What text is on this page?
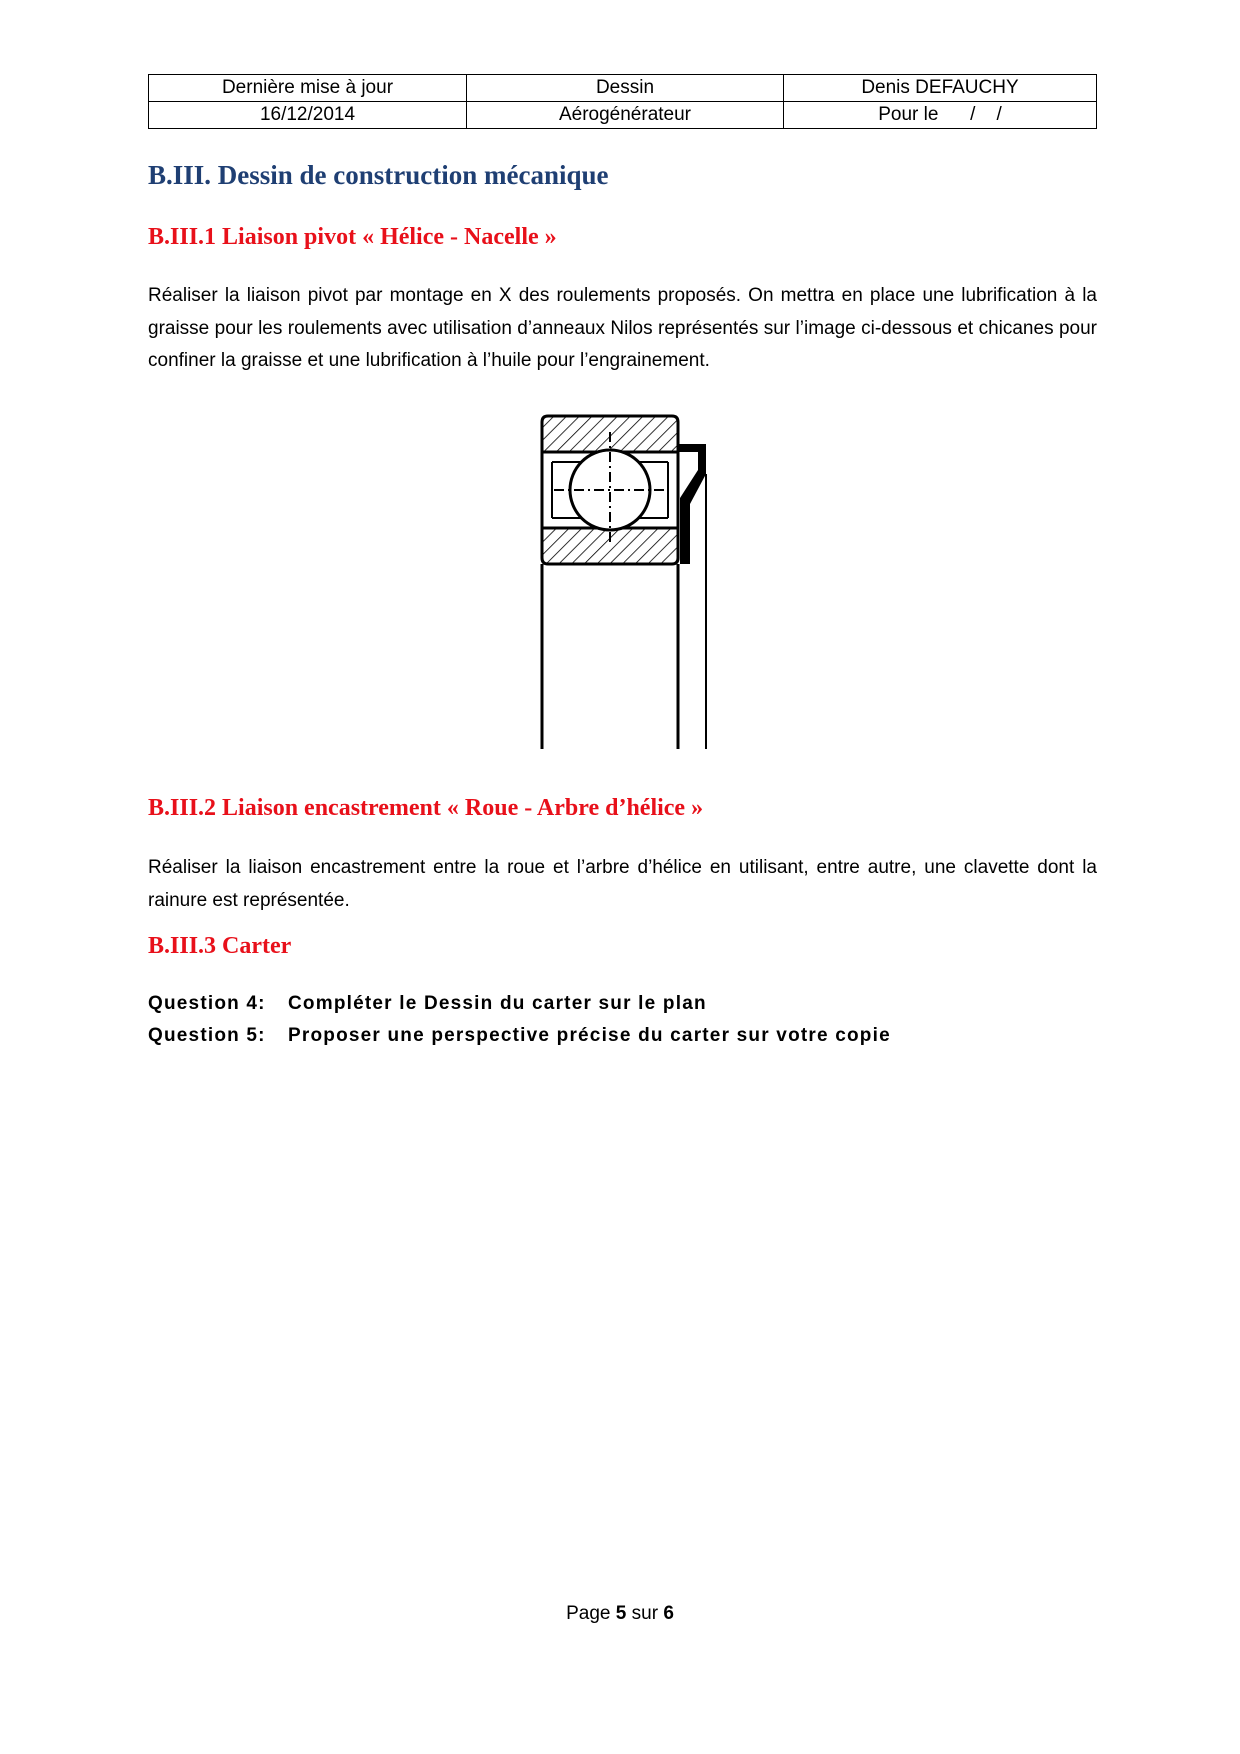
Dernière mise à jour	Dessin	Denis DEFAUCHY
16/12/2014	Aérogénérateur	Pour le      /    /
B.III. Dessin de construction mécanique
B.III.1 Liaison pivot « Hélice - Nacelle »

Réaliser la liaison pivot par montage en X des roulements proposés. On mettra en place une lubrification à la graisse pour les roulements avec utilisation d’anneaux Nilos représentés sur l’image ci-dessous et chicanes pour confiner la graisse et une lubrification à l’huile pour l’engrainement.

B.III.2 Liaison encastrement « Roue - Arbre d’hélice »

Réaliser la liaison encastrement entre la roue et l’arbre d’hélice en utilisant, entre autre, une clavette dont la rainure est représentée.

B.III.3 Carter

Question 4: Compléter le Dessin du carter sur le plan

Question 5: Proposer une perspective précise du carter sur votre copie

Page 5 sur 6
